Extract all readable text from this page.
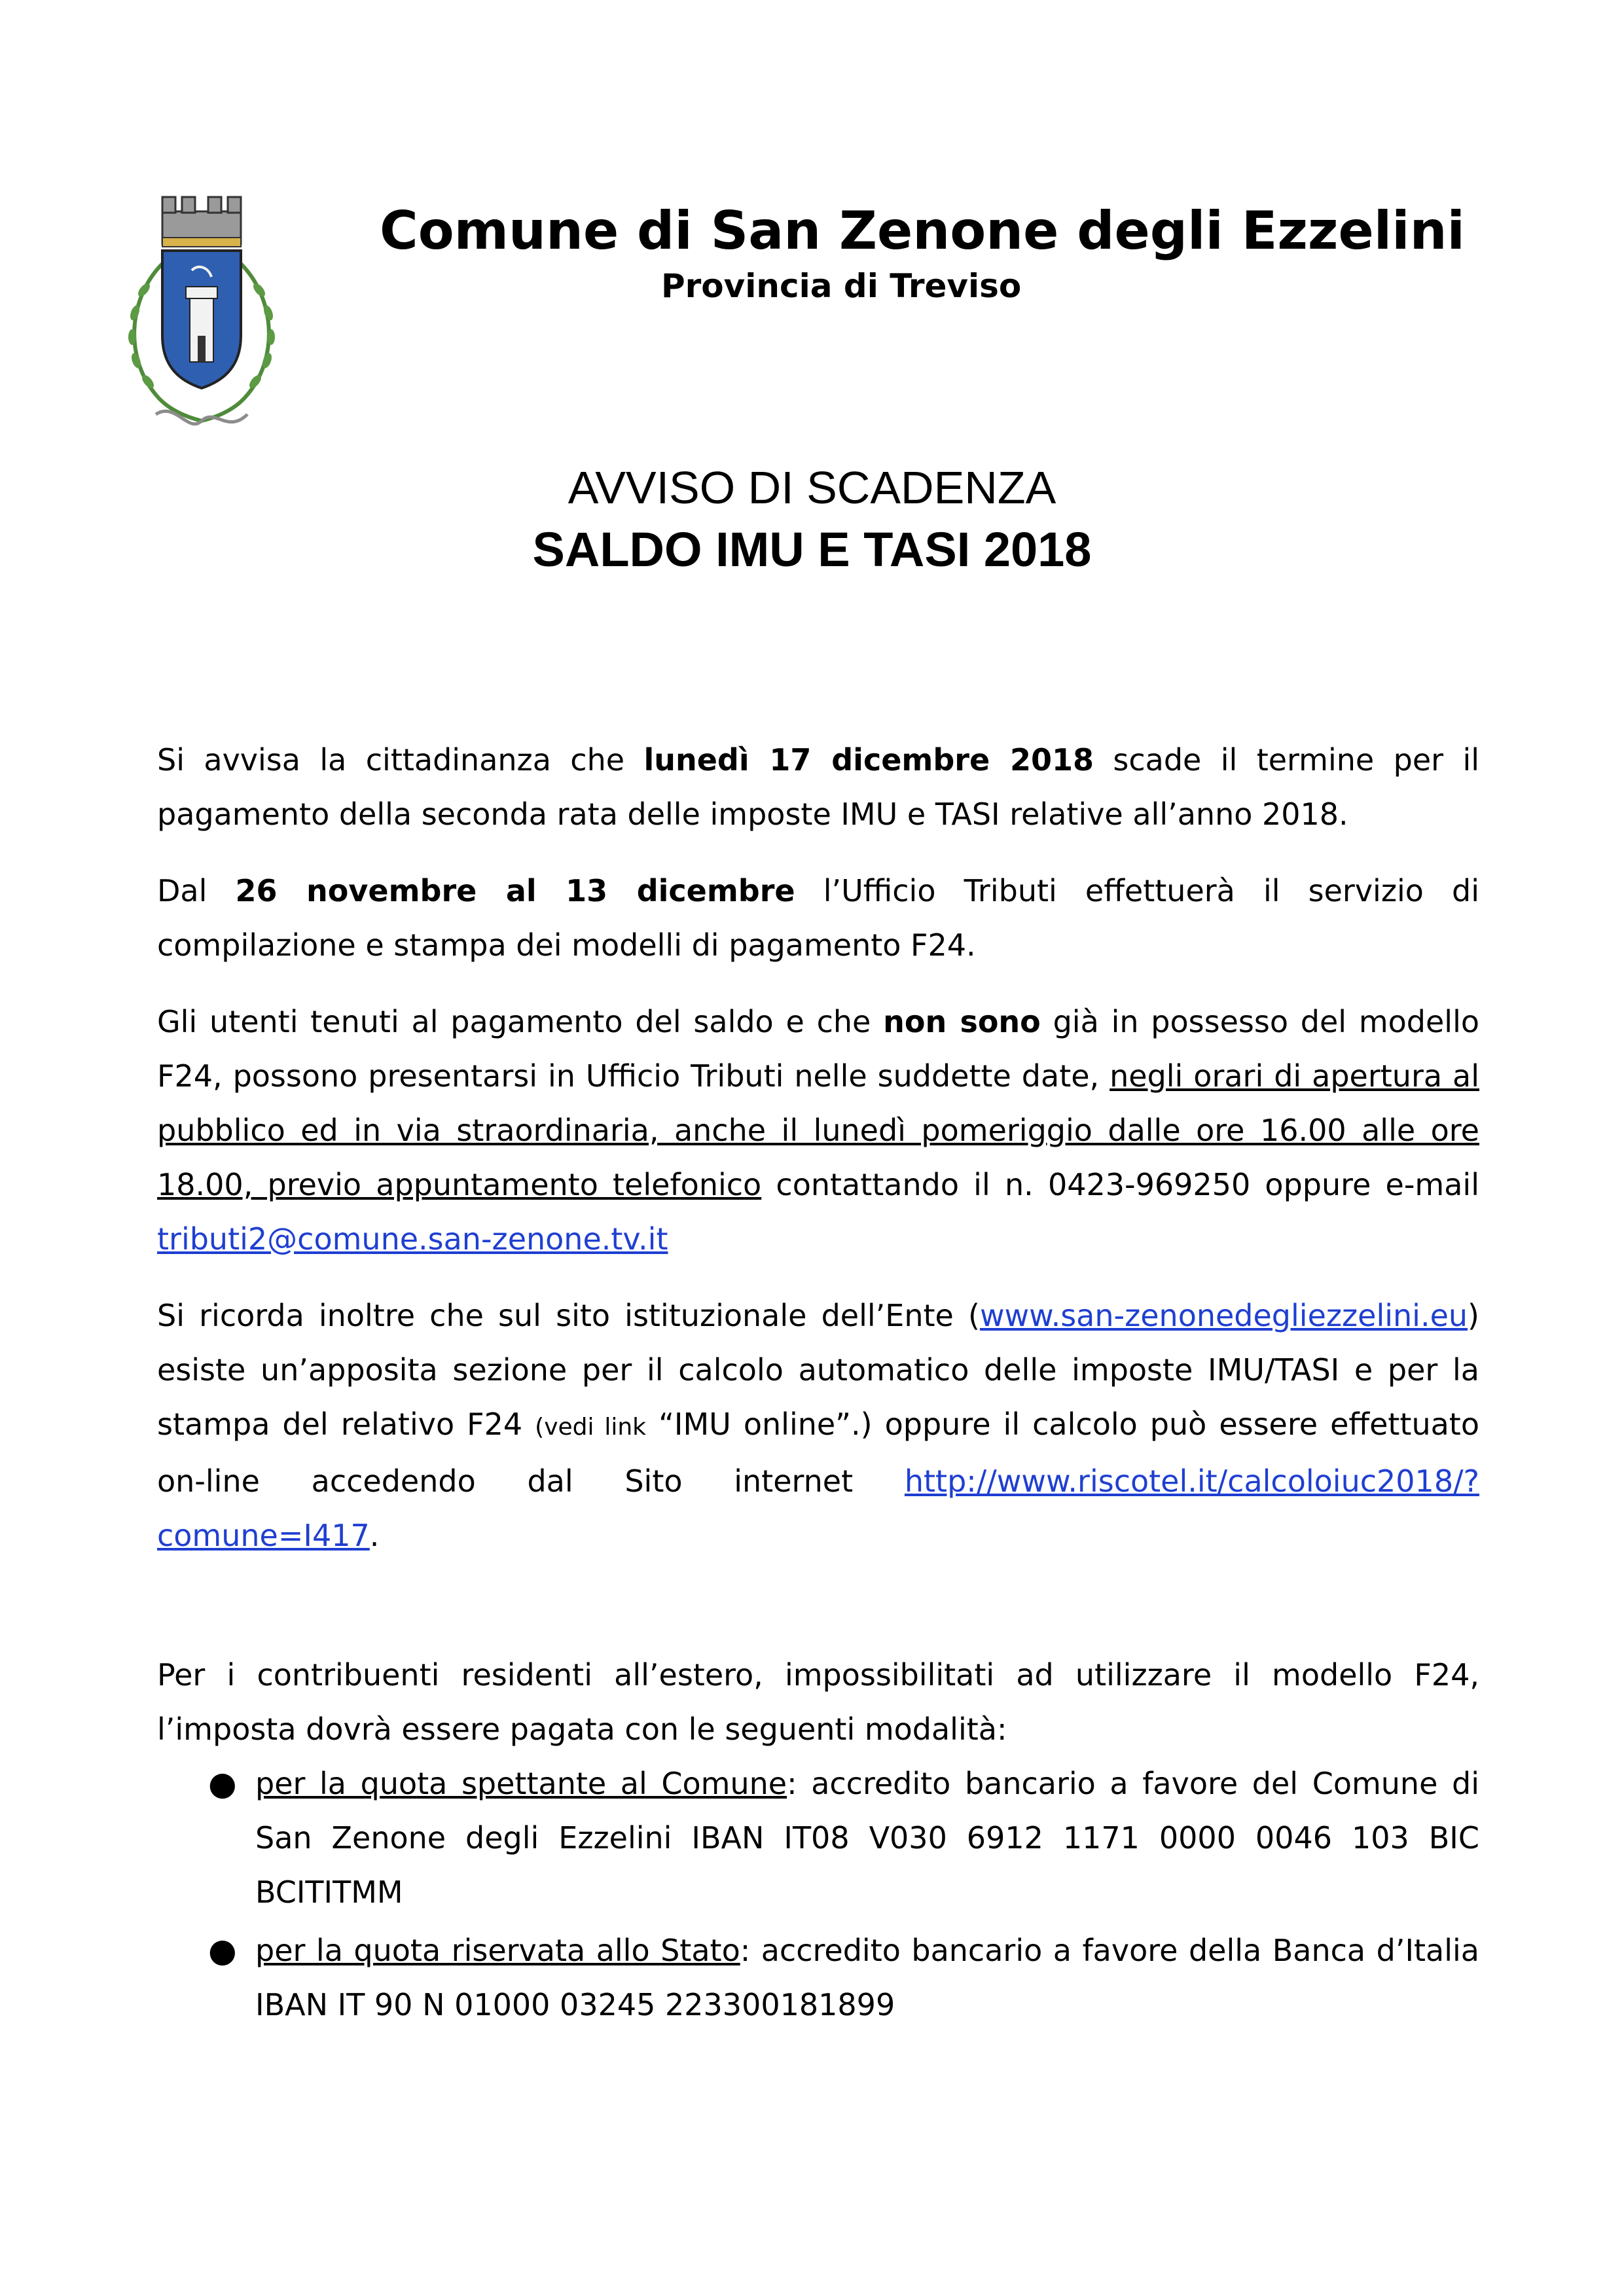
Comune di San Zenone degli Ezzelini
Provincia di Treviso
AVVISO DI SCADENZA
SALDO IMU E TASI 2018

Si avvisa la cittadinanza che lunedì 17 dicembre 2018 scade il termine per il pagamento della seconda rata delle imposte IMU e TASI relative all’anno 2018.

Dal 26 novembre al 13 dicembre l’Ufficio Tributi effettuerà il servizio di compilazione e stampa dei modelli di pagamento F24.

Gli utenti tenuti al pagamento del saldo e che non sono già in possesso del modello F24, possono presentarsi in Ufficio Tributi nelle suddette date, negli orari di apertura al pubblico ed in via straordinaria, anche il lunedì pomeriggio dalle ore 16.00 alle ore 18.00, previo appuntamento telefonico contattando il n. 0423-969250 oppure e-mail tributi2@comune.san-zenone.tv.it

Si ricorda inoltre che sul sito istituzionale dell’Ente (www.san-zenonedegliezzelini.eu) esiste un’apposita sezione per il calcolo automatico delle imposte IMU/TASI e per la stampa del relativo F24 (vedi link “IMU online”.) oppure il calcolo può essere effettuato on-line accedendo dal Sito internet http://www.riscotel.it/calcoloiuc2018/?comune=I417.

Per i contribuenti residenti all’estero, impossibilitati ad utilizzare il modello F24, l’imposta dovrà essere pagata con le seguenti modalità:

● per la quota spettante al Comune: accredito bancario a favore del Comune di San Zenone degli Ezzelini IBAN IT08 V030 6912 1171 0000 0046 103 BIC BCITITMM
● per la quota riservata allo Stato: accredito bancario a favore della Banca d’Italia IBAN IT 90 N 01000 03245 223300181899
